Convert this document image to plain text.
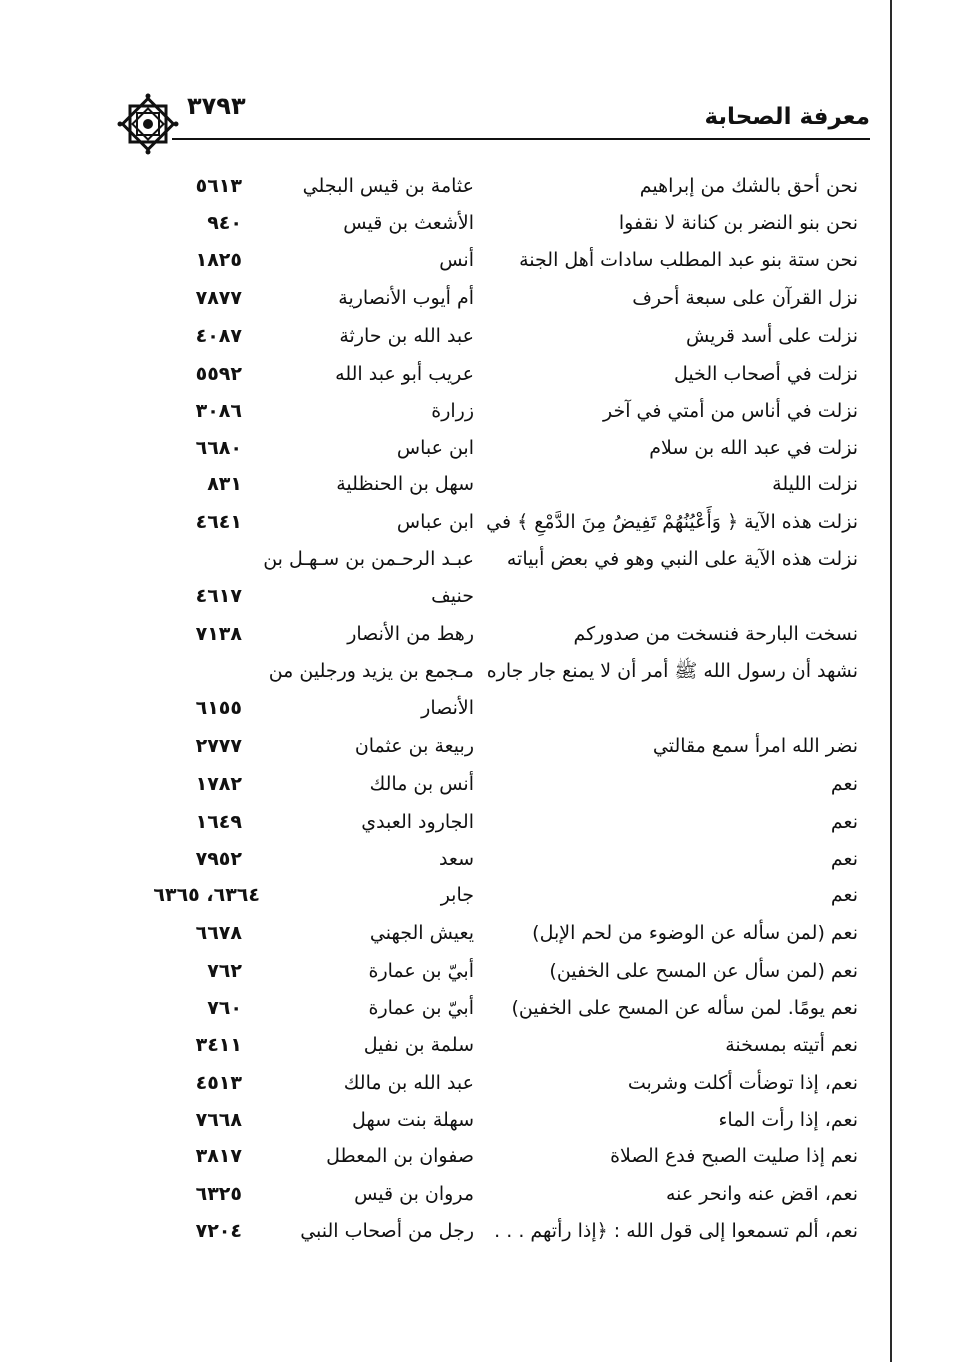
معرفة الصحابة
٣٧٩٣
نحن أحق بالشك من إبراهيم
عثامة بن قيس البجلي
٥٦١٣
نحن بنو النضر بن كنانة لا نقفوا
الأشعث بن قيس
٩٤٠
نحن ستة بنو عبد المطلب سادات أهل الجنة
أنس
١٨٢٥
نزل القرآن على سبعة أحرف
أم أيوب الأنصارية
٧٨٧٧
نزلت على أسد قريش
عبد الله بن حارثة
٤٠٨٧
نزلت في أصحاب الخيل
عريب أبو عبد الله
٥٥٩٢
نزلت في أناس من أمتي في آخر
زرارة
٣٠٨٦
نزلت في عبد الله بن سلام
ابن عباس
٦٦٨٠
نزلت الليلة
سهل بن الحنظلية
٨٣١
نزلت هذه الآية ﴿ وَأَعْيُنُهُمْ تَفِيضُ مِنَ الدَّمْعِ ﴾ في
ابن عباس
٤٦٤١
نزلت هذه الآية على النبي وهو في بعض أبياته
عبـد الرحـمن بن سـهـل بن
حنيف
٤٦١٧
نسخت البارحة فنسخت من صدوركم
رهط من الأنصار
٧١٣٨
نشهد أن رسول الله ﷺ أمر أن لا يمنع جار جاره
مـجمع بن يزيد ورجلين من
الأنصار
٦١٥٥
نضر الله امرأ سمع مقالتي
ربيعة بن عثمان
٢٧٧٧
نعم
أنس بن مالك
١٧٨٢
نعم
الجارود العبدي
١٦٤٩
نعم
سعد
٧٩٥٢
نعم
جابر
٦٣٦٤، ٦٣٦٥
نعم (لمن سأله عن الوضوء من لحم الإبل)
يعيش الجهني
٦٦٧٨
نعم (لمن سأل عن المسح على الخفين)
أبيّ بن عمارة
٧٦٢
نعم يومًا. لمن سأله عن المسح على الخفين)
أبيّ بن عمارة
٧٦٠
نعم أتيته بمسخنة
سلمة بن نفيل
٣٤١١
نعم، إذا توضأت أكلت وشربت
عبد الله بن مالك
٤٥١٣
نعم، إذا رأت الماء
سهلة بنت سهل
٧٦٦٨
نعم إذا صليت الصبح فدع الصلاة
صفوان بن المعطل
٣٨١٧
نعم، اقض عنه وانحر عنه
مروان بن قيس
٦٣٢٥
نعم، ألم تسمعوا إلى قول الله : ﴿إذا رأتهم . . .
رجل من أصحاب النبي
٧٢٠٤
